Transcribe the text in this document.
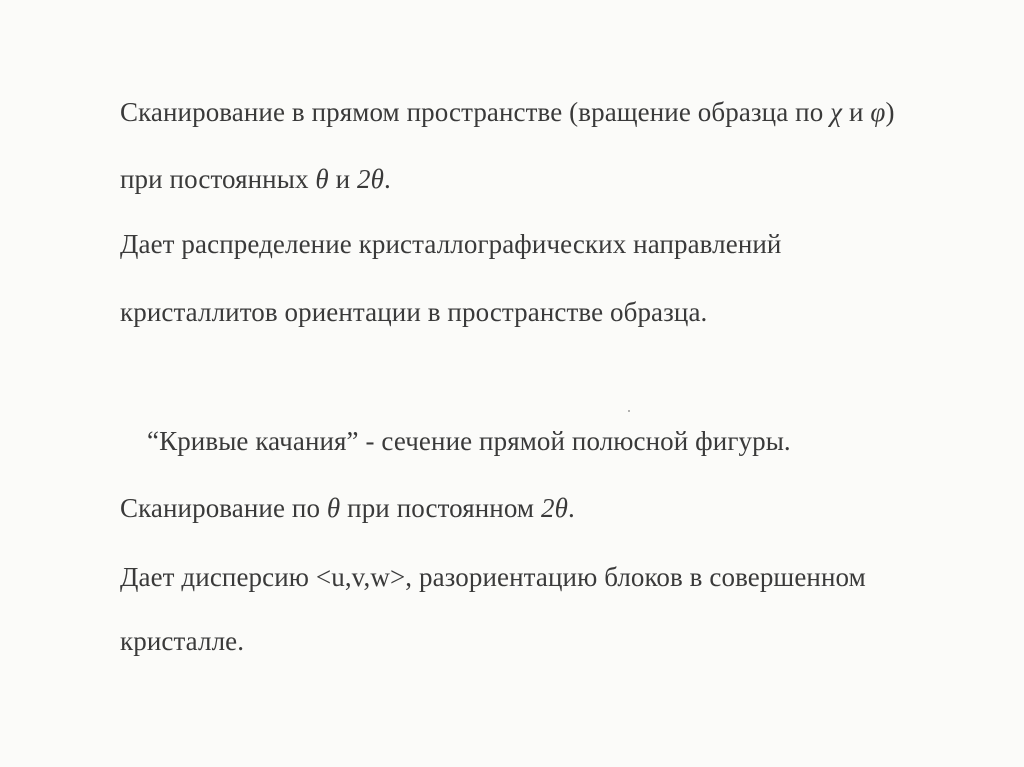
Сканирование в прямом пространстве (вращение образца по χ и φ)
при постоянных θ и 2θ.
Дает распределение кристаллографических направлений
кристаллитов ориентации в пространстве образца.
“Кривые качания” - сечение прямой полюсной фигуры.
Сканирование по θ при постоянном 2θ.
Дает дисперсию <u,v,w>, разориентацию блоков в совершенном
кристалле.
